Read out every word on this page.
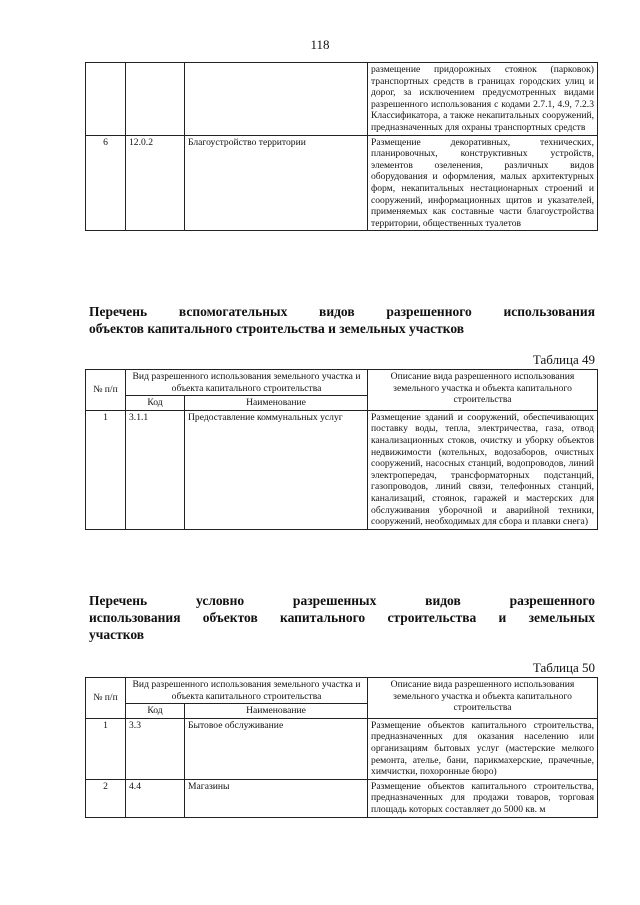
118
			размещение придорожных стоянок (парковок) транспортных средств в границах городских улиц и дорог, за исключением предусмотренных видами разрешенного использования с кодами 2.7.1, 4.9, 7.2.3 Классификатора, а также некапитальных сооружений, предназначенных для охраны транспортных средств
6	12.0.2	Благоустройство территории	Размещение декоративных, технических, планировочных, конструктивных устройств, элементов озеленения, различных видов оборудования и оформления, малых архитектурных форм, некапитальных нестационарных строений и сооружений, информационных щитов и указателей, применяемых как составные части благоустройства территории, общественных туалетов
Перечень вспомогательных видов разрешенного использования
объектов капитального строительства и земельных участков
Таблица 49
№ п/п	Вид разрешенного использования земельного участка и объекта капитального строительства		Описание вида разрешенного использования земельного участка и объекта капитального строительства
	Код	Наименование	
1	3.1.1	Предоставление коммунальных услуг	Размещение зданий и сооружений, обеспечивающих поставку воды, тепла, электричества, газа, отвод канализационных стоков, очистку и уборку объектов недвижимости (котельных, водозаборов, очистных сооружений, насосных станций, водопроводов, линий электропередач, трансформаторных подстанций, газопроводов, линий связи, телефонных станций, канализаций, стоянок, гаражей и мастерских для обслуживания уборочной и аварийной техники, сооружений, необходимых для сбора и плавки снега)
Перечень условно разрешенных видов разрешенного
использования объектов капитального строительства и земельных
участков
Таблица 50
№ п/п	Вид разрешенного использования земельного участка и объекта капитального строительства		Описание вида разрешенного использования земельного участка и объекта капитального строительства
	Код	Наименование	
1	3.3	Бытовое обслуживание	Размещение объектов капитального строительства, предназначенных для оказания населению или организациям бытовых услуг (мастерские мелкого ремонта, ателье, бани, парикмахерские, прачечные, химчистки, похоронные бюро)
2	4.4	Магазины	Размещение объектов капитального строительства, предназначенных для продажи товаров, торговая площадь которых составляет до 5000 кв. м
